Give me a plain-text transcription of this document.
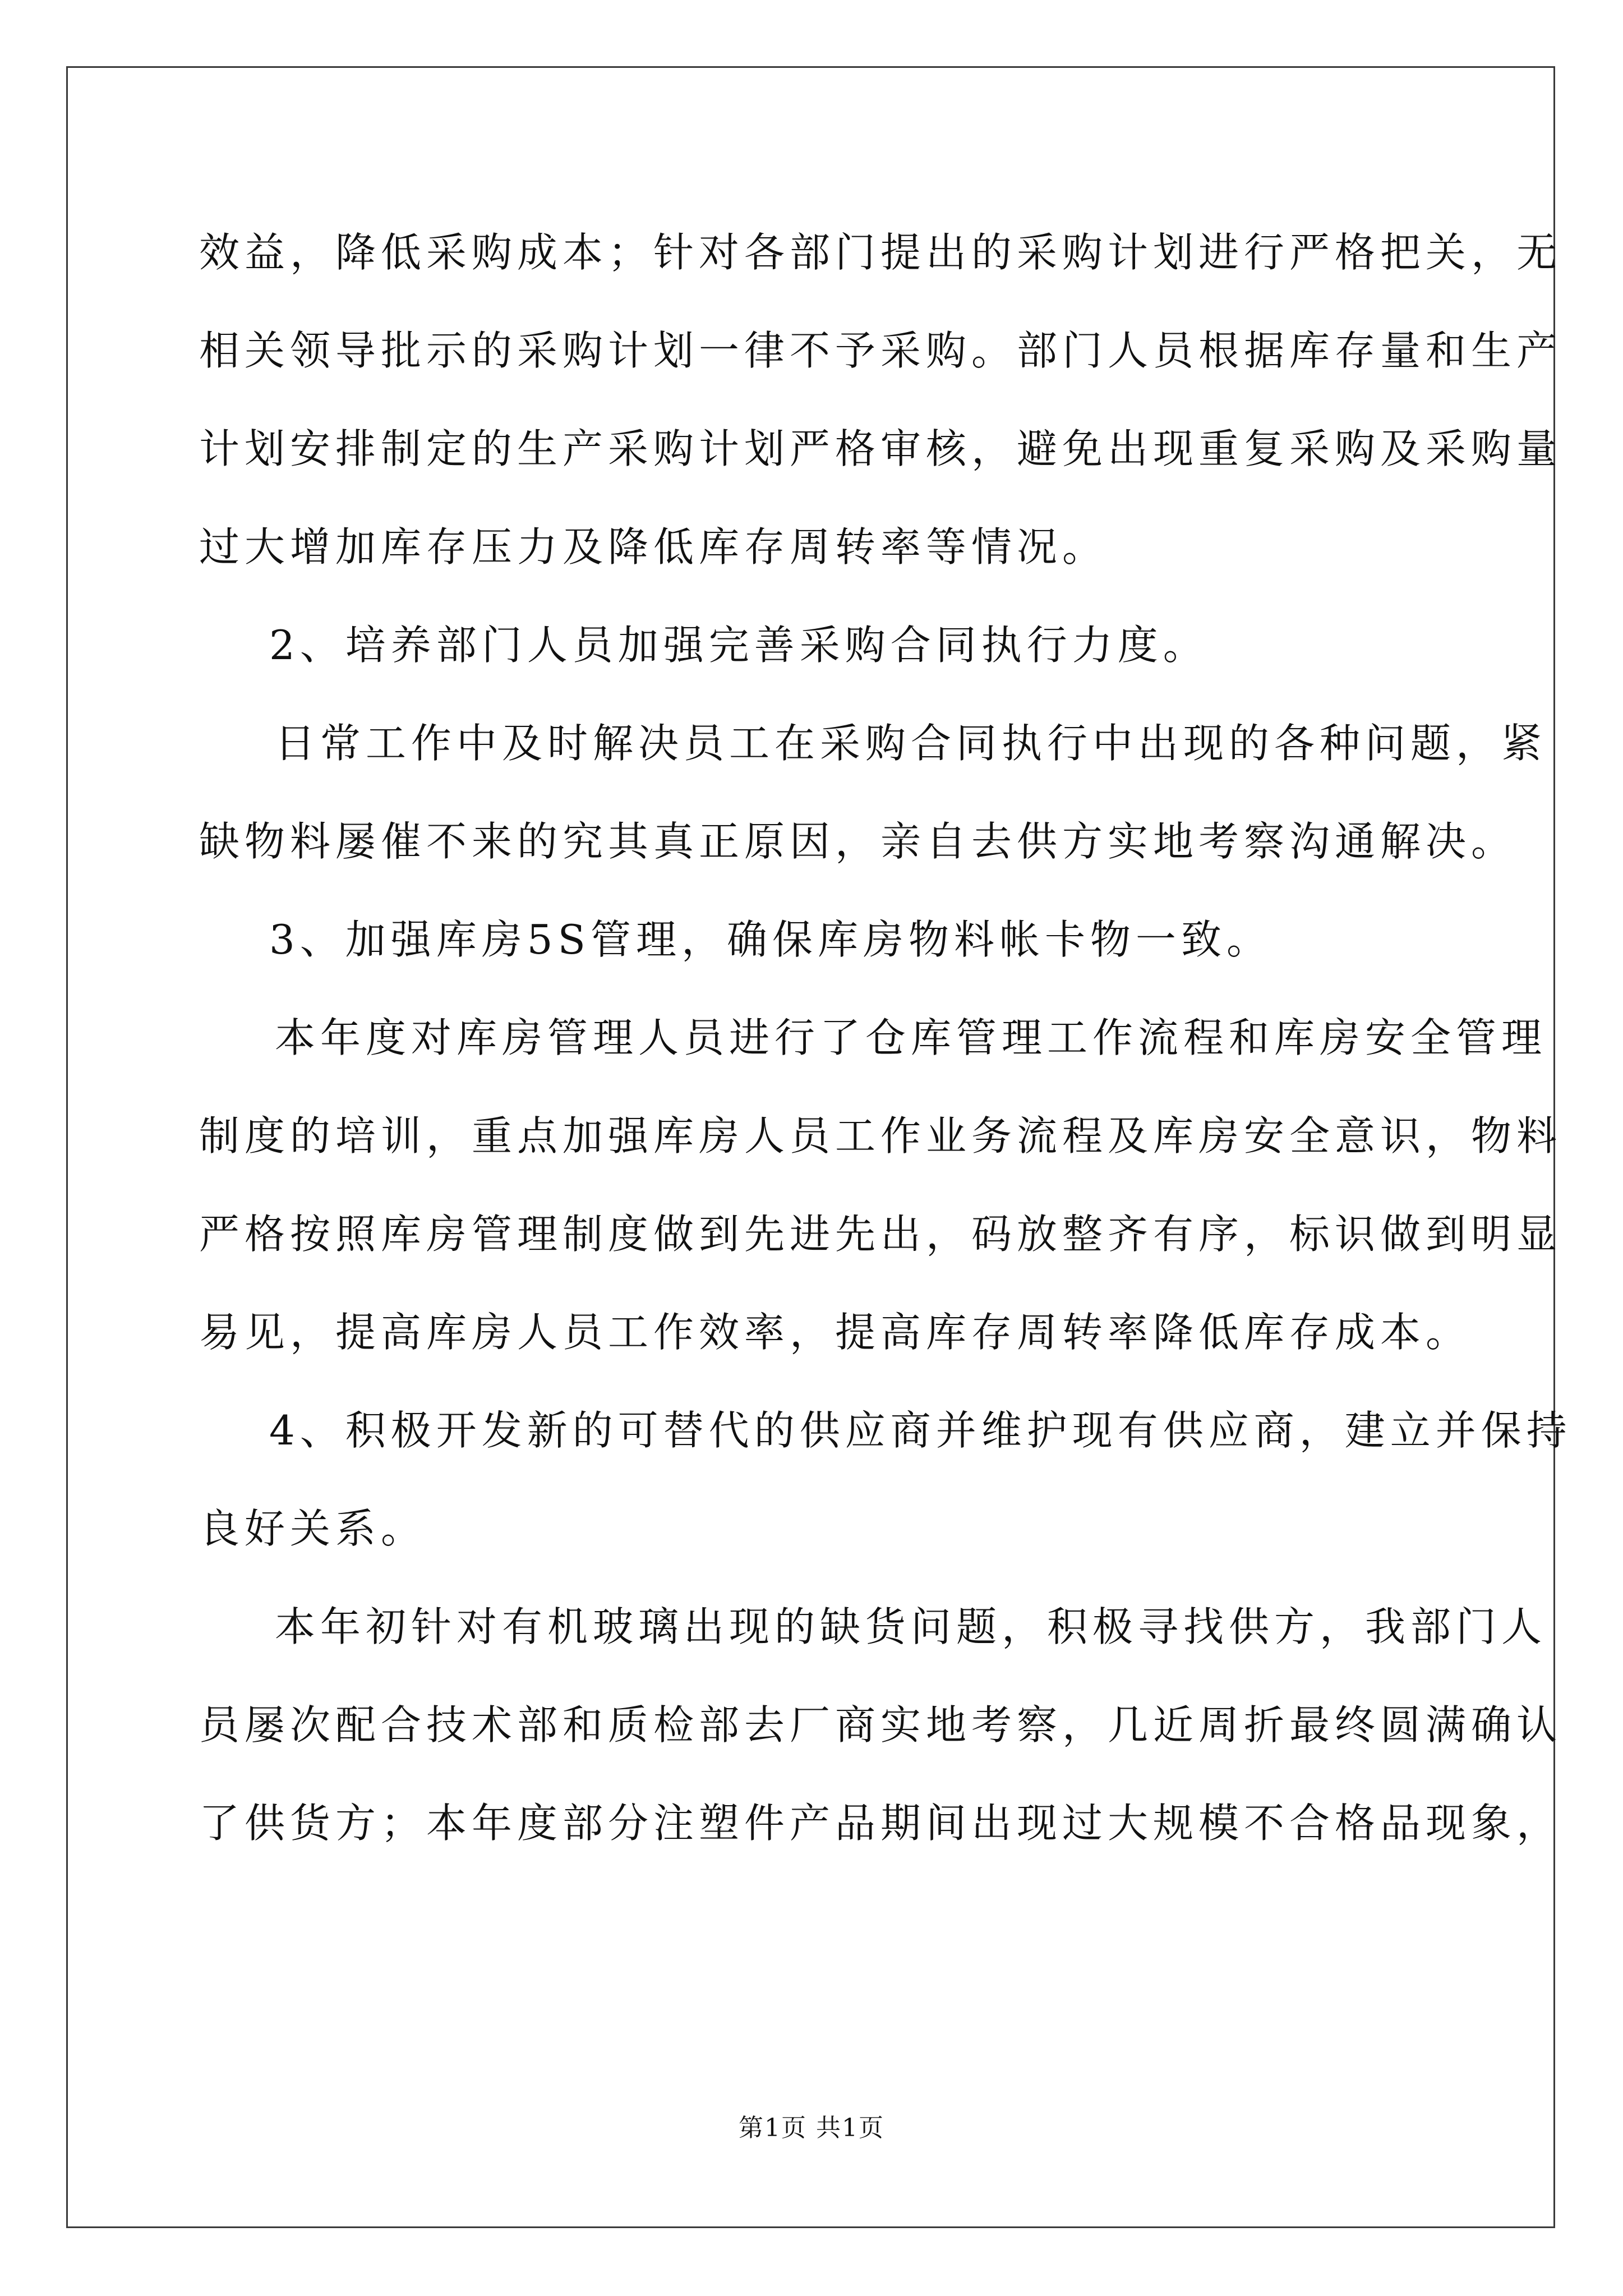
效益，降低采购成本；针对各部门提出的采购计划进行严格把关，无
相关领导批示的采购计划一律不予采购。部门人员根据库存量和生产
计划安排制定的生产采购计划严格审核，避免出现重复采购及采购量
过大增加库存压力及降低库存周转率等情况。
2、培养部门人员加强完善采购合同执行力度。
日常工作中及时解决员工在采购合同执行中出现的各种问题，紧
缺物料屡催不来的究其真正原因，亲自去供方实地考察沟通解决。
3、加强库房5S管理，确保库房物料帐卡物一致。
本年度对库房管理人员进行了仓库管理工作流程和库房安全管理
制度的培训，重点加强库房人员工作业务流程及库房安全意识，物料
严格按照库房管理制度做到先进先出，码放整齐有序，标识做到明显
易见，提高库房人员工作效率，提高库存周转率降低库存成本。
4、积极开发新的可替代的供应商并维护现有供应商，建立并保持
良好关系。
本年初针对有机玻璃出现的缺货问题，积极寻找供方，我部门人
员屡次配合技术部和质检部去厂商实地考察，几近周折最终圆满确认
了供货方；本年度部分注塑件产品期间出现过大规模不合格品现象，
第1页 共1页
